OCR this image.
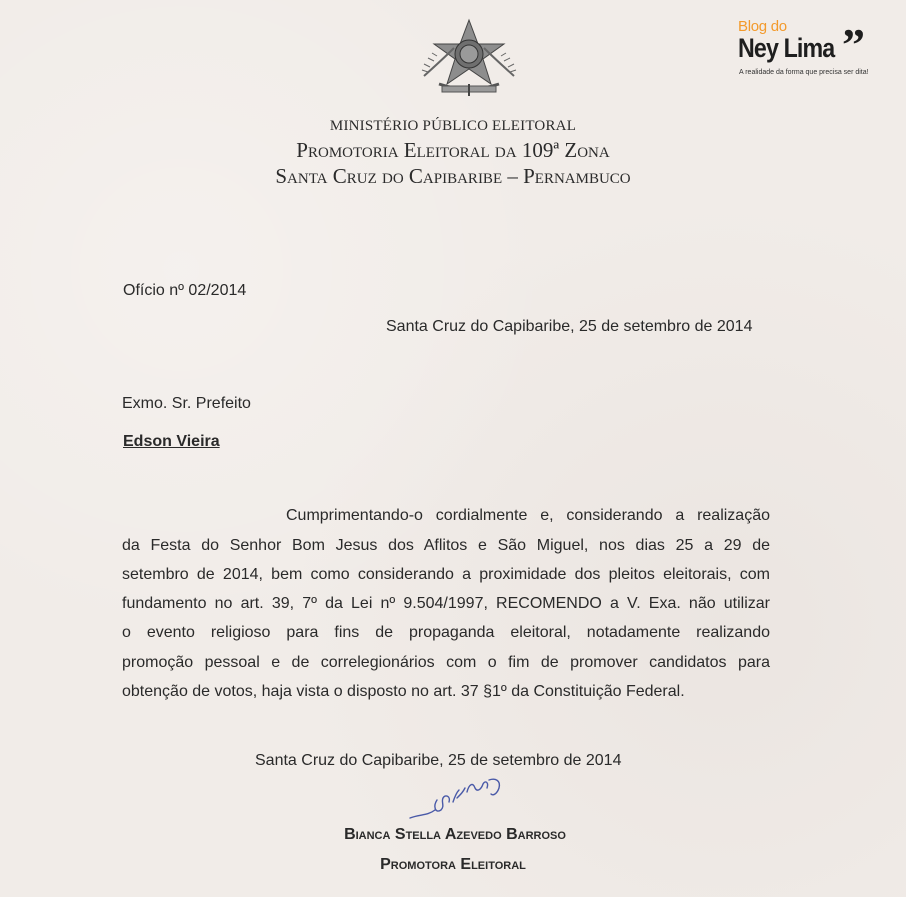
Blog do
Ney Lima ”
A realidade da forma que precisa ser dita!
MINISTÉRIO PÚBLICO ELEITORAL
Promotoria Eleitoral da 109ª Zona
Santa Cruz do Capibaribe – Pernambuco
Ofício nº 02/2014
Santa Cruz do Capibaribe, 25 de setembro de 2014
Exmo. Sr. Prefeito
Edson Vieira
Cumprimentando-o cordialmente e, considerando a realização
da Festa do Senhor Bom Jesus dos Aflitos e São Miguel, nos dias 25 a 29 de
setembro de 2014, bem como considerando a proximidade dos pleitos eleitorais, com
fundamento no art. 39, 7º da Lei nº 9.504/1997, RECOMENDO a V. Exa. não utilizar
o evento religioso para fins de propaganda eleitoral, notadamente realizando
promoção pessoal e de correlegionários com o fim de promover candidatos para
obtenção de votos, haja vista o disposto no art. 37 §1º da Constituição Federal.
Santa Cruz do Capibaribe, 25 de setembro de 2014
Bianca Stella Azevedo Barroso
Promotora Eleitoral
